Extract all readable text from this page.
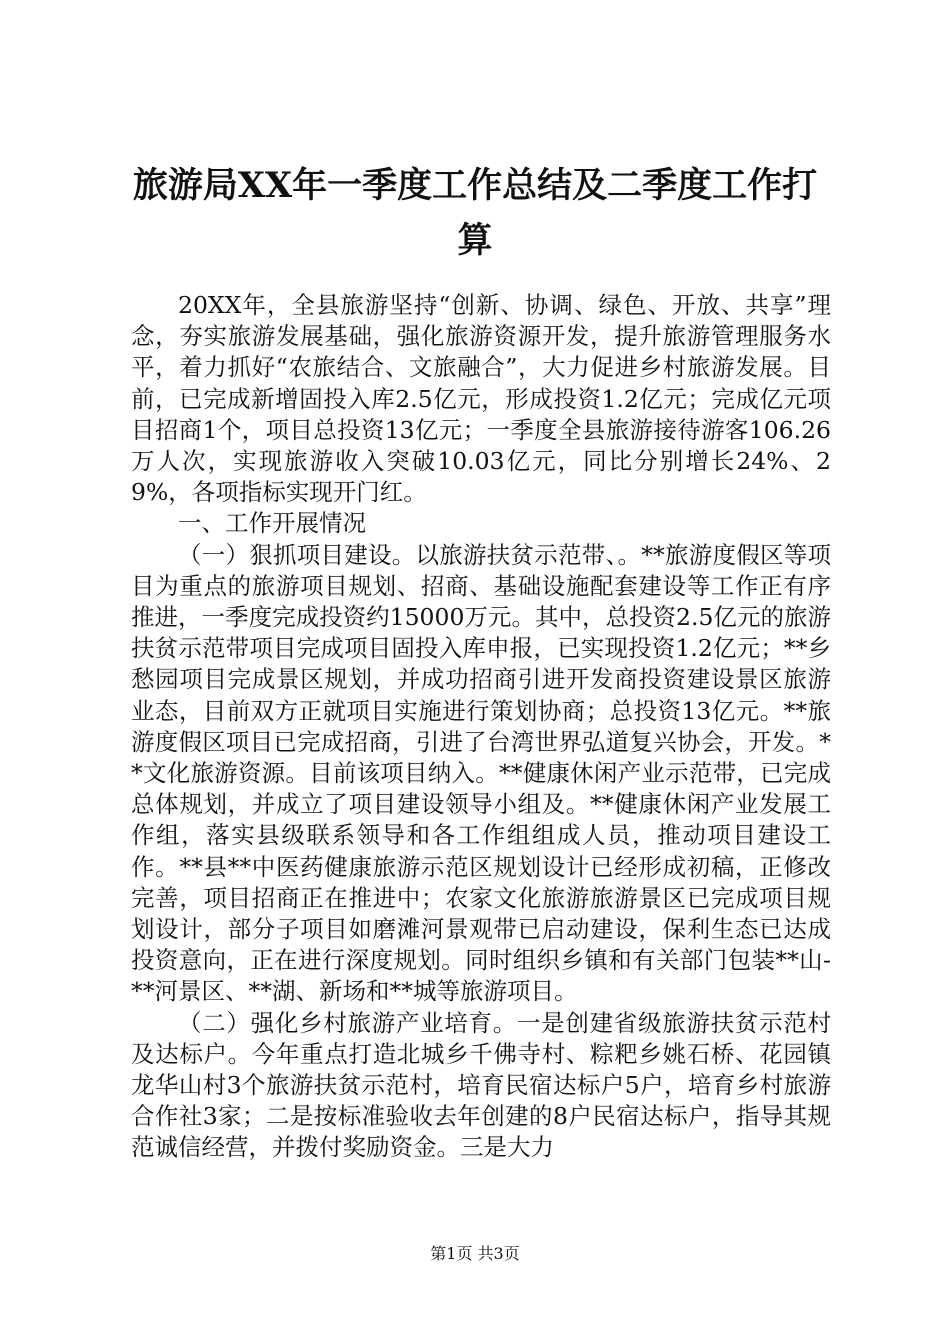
旅游局XX年一季度工作总结及二季度工作打算

20XX年，全县旅游坚持“创新、协调、绿色、开放、共享”理念，夯实旅游发展基础，强化旅游资源开发，提升旅游管理服务水平，着力抓好“农旅结合、文旅融合”，大力促进乡村旅游发展。目前，已完成新增固投入库2.5亿元，形成投资1.2亿元；完成亿元项目招商1个，项目总投资13亿元；一季度全县旅游接待游客106.26万人次，实现旅游收入突破10.03亿元，同比分别增长24%、29%，各项指标实现开门红。

一、工作开展情况

（一）狠抓项目建设。以旅游扶贫示范带、。**旅游度假区等项目为重点的旅游项目规划、招商、基础设施配套建设等工作正有序推进，一季度完成投资约15000万元。其中，总投资2.5亿元的旅游扶贫示范带项目完成项目固投入库申报，已实现投资1.2亿元；**乡愁园项目完成景区规划，并成功招商引进开发商投资建设景区旅游业态，目前双方正就项目实施进行策划协商；总投资13亿元。**旅游度假区项目已完成招商，引进了台湾世界弘道复兴协会，开发。**文化旅游资源。目前该项目纳入。**健康休闲产业示范带，已完成总体规划，并成立了项目建设领导小组及。**健康休闲产业发展工作组，落实县级联系领导和各工作组组成人员，推动项目建设工作。**县**中医药健康旅游示范区规划设计已经形成初稿，正修改完善，项目招商正在推进中；农家文化旅游旅游景区已完成项目规划设计，部分子项目如磨滩河景观带已启动建设，保利生态已达成投资意向，正在进行深度规划。同时组织乡镇和有关部门包装**山-**河景区、**湖、新场和**城等旅游项目。

（二）强化乡村旅游产业培育。一是创建省级旅游扶贫示范村及达标户。今年重点打造北城乡千佛寺村、粽粑乡姚石桥、花园镇龙华山村3个旅游扶贫示范村，培育民宿达标户5户，培育乡村旅游合作社3家；二是按标准验收去年创建的8户民宿达标户，指导其规范诚信经营，并拨付奖励资金。三是大力

第1页 共3页
